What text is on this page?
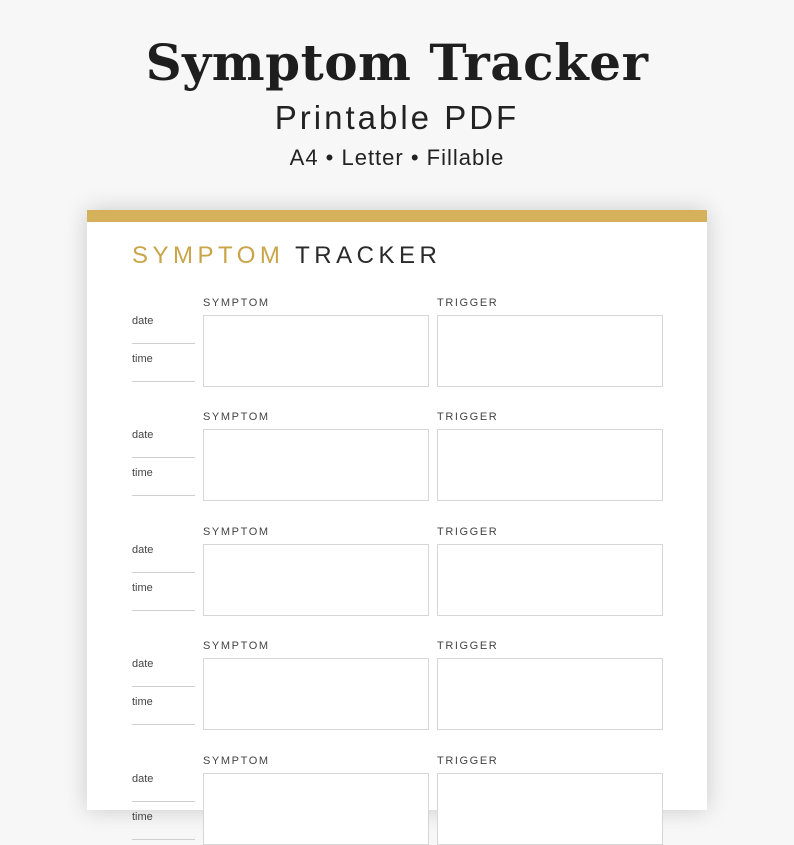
Symptom Tracker

Printable PDF

A4 • Letter • Fillable

SYMPTOM TRACKER
SYMPTOM	TRIGGER
date
time
SYMPTOM	TRIGGER
date
time
SYMPTOM	TRIGGER
date
time
SYMPTOM	TRIGGER
date
time
SYMPTOM	TRIGGER
date
time
